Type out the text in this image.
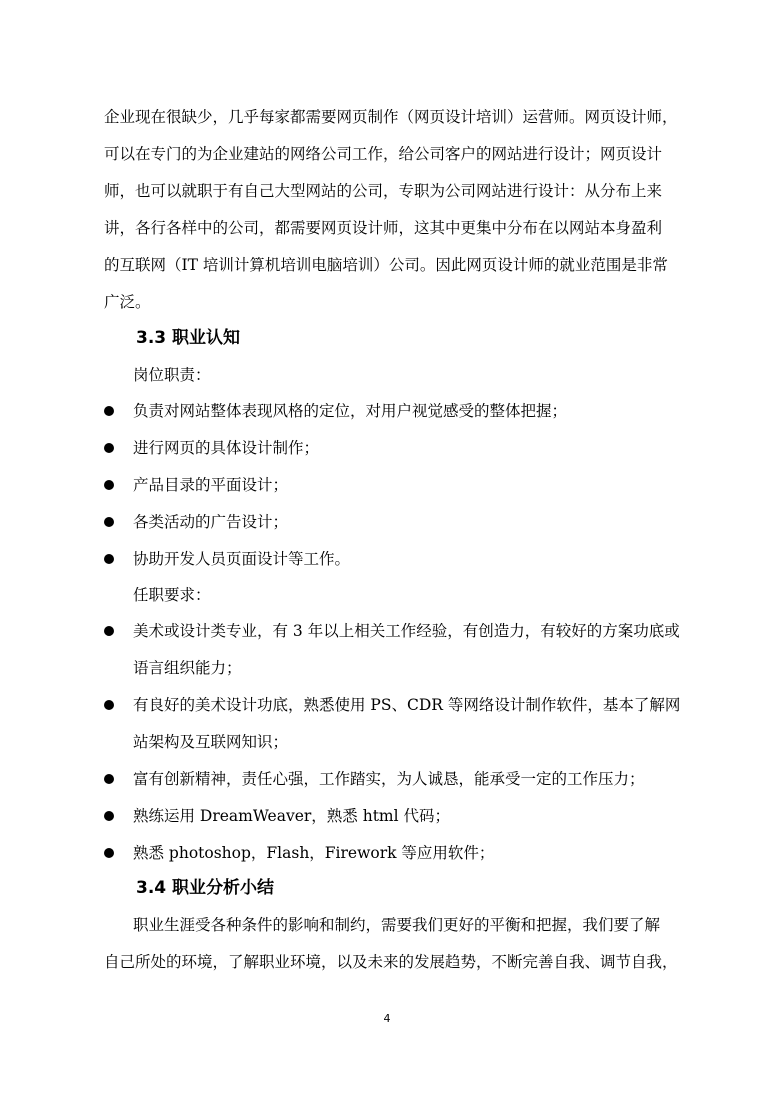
企业现在很缺少，几乎每家都需要网页制作（网页设计培训）运营师。网页设计师，
可以在专门的为企业建站的网络公司工作，给公司客户的网站进行设计；网页设计
师，也可以就职于有自己大型网站的公司，专职为公司网站进行设计：从分布上来
讲，各行各样中的公司，都需要网页设计师，这其中更集中分布在以网站本身盈利
的互联网（IT 培训计算机培训电脑培训）公司。因此网页设计师的就业范围是非常
广泛。
3.3 职业认知
岗位职责：
负责对网站整体表现风格的定位，对用户视觉感受的整体把握；
进行网页的具体设计制作；
产品目录的平面设计；
各类活动的广告设计；
协助开发人员页面设计等工作。
任职要求：
美术或设计类专业，有 3 年以上相关工作经验，有创造力，有较好的方案功底或
语言组织能力；
有良好的美术设计功底，熟悉使用 PS、CDR 等网络设计制作软件，基本了解网
站架构及互联网知识；
富有创新精神，责任心强，工作踏实，为人诚恳，能承受一定的工作压力；
熟练运用 DreamWeaver，熟悉 html 代码；
熟悉 photoshop，Flash，Firework 等应用软件；
3.4 职业分析小结
职业生涯受各种条件的影响和制约，需要我们更好的平衡和把握，我们要了解
自己所处的环境，了解职业环境，以及未来的发展趋势，不断完善自我、调节自我，
4
